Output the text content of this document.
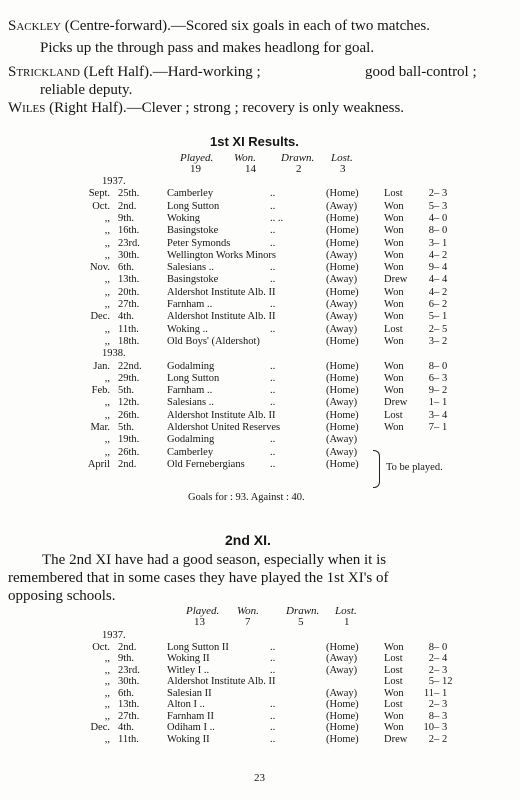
Sackley (Centre-forward).—Scored six goals in each of two matches.
Picks up the through pass and makes headlong for goal.
Strickland (Left Half).—Hard-working ;	good ball-control ;
reliable deputy.
Wiles (Right Half).—Clever ; strong ; recovery is only weakness.
1st XI Results.
Played. Won. Drawn. Lost.
19	14	2	3
1937.
Sept. 25th.	Camberley	..	(Home) Lost	2 – 3
Oct. 2nd.	Long Sutton	..	(Away)	Won	5 – 3
,, 9th.	Woking	.. ..	(Home) Won	4 – 0
,, 16th.	Basingstoke	..	(Home) Won	8 – 0
,, 23rd.	Peter Symonds	..	(Home) Won	3 – 1
,, 30th.	Wellington Works Minors	(Away)	Won	4 – 2
Nov. 6th.	Salesians ..	..	(Home) Won	9 – 4
,, 13th.	Basingstoke	..	(Away)	Drew	4 – 4
,, 20th.	Aldershot Institute Alb. II	(Home) Won	4 – 2
,, 27th.	Farnham ..	..	(Away)	Won	6 – 2
Dec. 4th.	Aldershot Institute Alb. II	(Away)	Won	5 – 1
,, 11th.	Woking ..	..	(Away)	Lost	2 – 5
,, 18th.	Old Boys' (Aldershot)	(Home) Won	3 – 2
1938.
Jan. 22nd. Godalming	..	(Home) Won	8 – 0
,, 29th.	Long Sutton	..	(Home) Won	6 – 3
Feb. 5th.	Farnham ..	..	(Home) Won	9 – 2
,, 12th.	Salesians ..	..	(Away)	Drew	1 – 1
,, 26th.	Aldershot Institute Alb. II	(Home) Lost	3 – 4
Mar. 5th.	Aldershot United Reserves	(Home) Won	7 – 1
,, 19th.	Godalming	..	(Away)
,, 26th.	Camberley	..	(Away)
April 2nd.	Old Fernebergians ..	(Home)	To be played.
Goals for : 93. Against : 40.
2nd XI.
The 2nd XI have had a good season, especially when it is
remembered that in some cases they have played the 1st XI's of
opposing schools.
Played. Won. Drawn. Lost.
13	7	5	1
1937.
Oct. 2nd.	Long Sutton II	..	(Home) Won	8 – 0
,, 9th.	Woking II	..	(Away)	Lost	2 – 4
,, 23rd.	Witley I ..	..	(Away)	Lost	2 – 3
,, 30th.	Aldershot Institute Alb. II	Lost	5 – 12
,, 6th.	Salesian II	(Away)	Won	11 – 1
,, 13th.	Alton I ..	..	(Home) Lost	2 – 3
,, 27th.	Farnham II	..	(Home) Won	8 – 3
Dec. 4th.	Odiham I ..	..	(Home) Won	10 – 3
,, 11th.	Woking II	..	(Home) Drew	2 – 2
23
